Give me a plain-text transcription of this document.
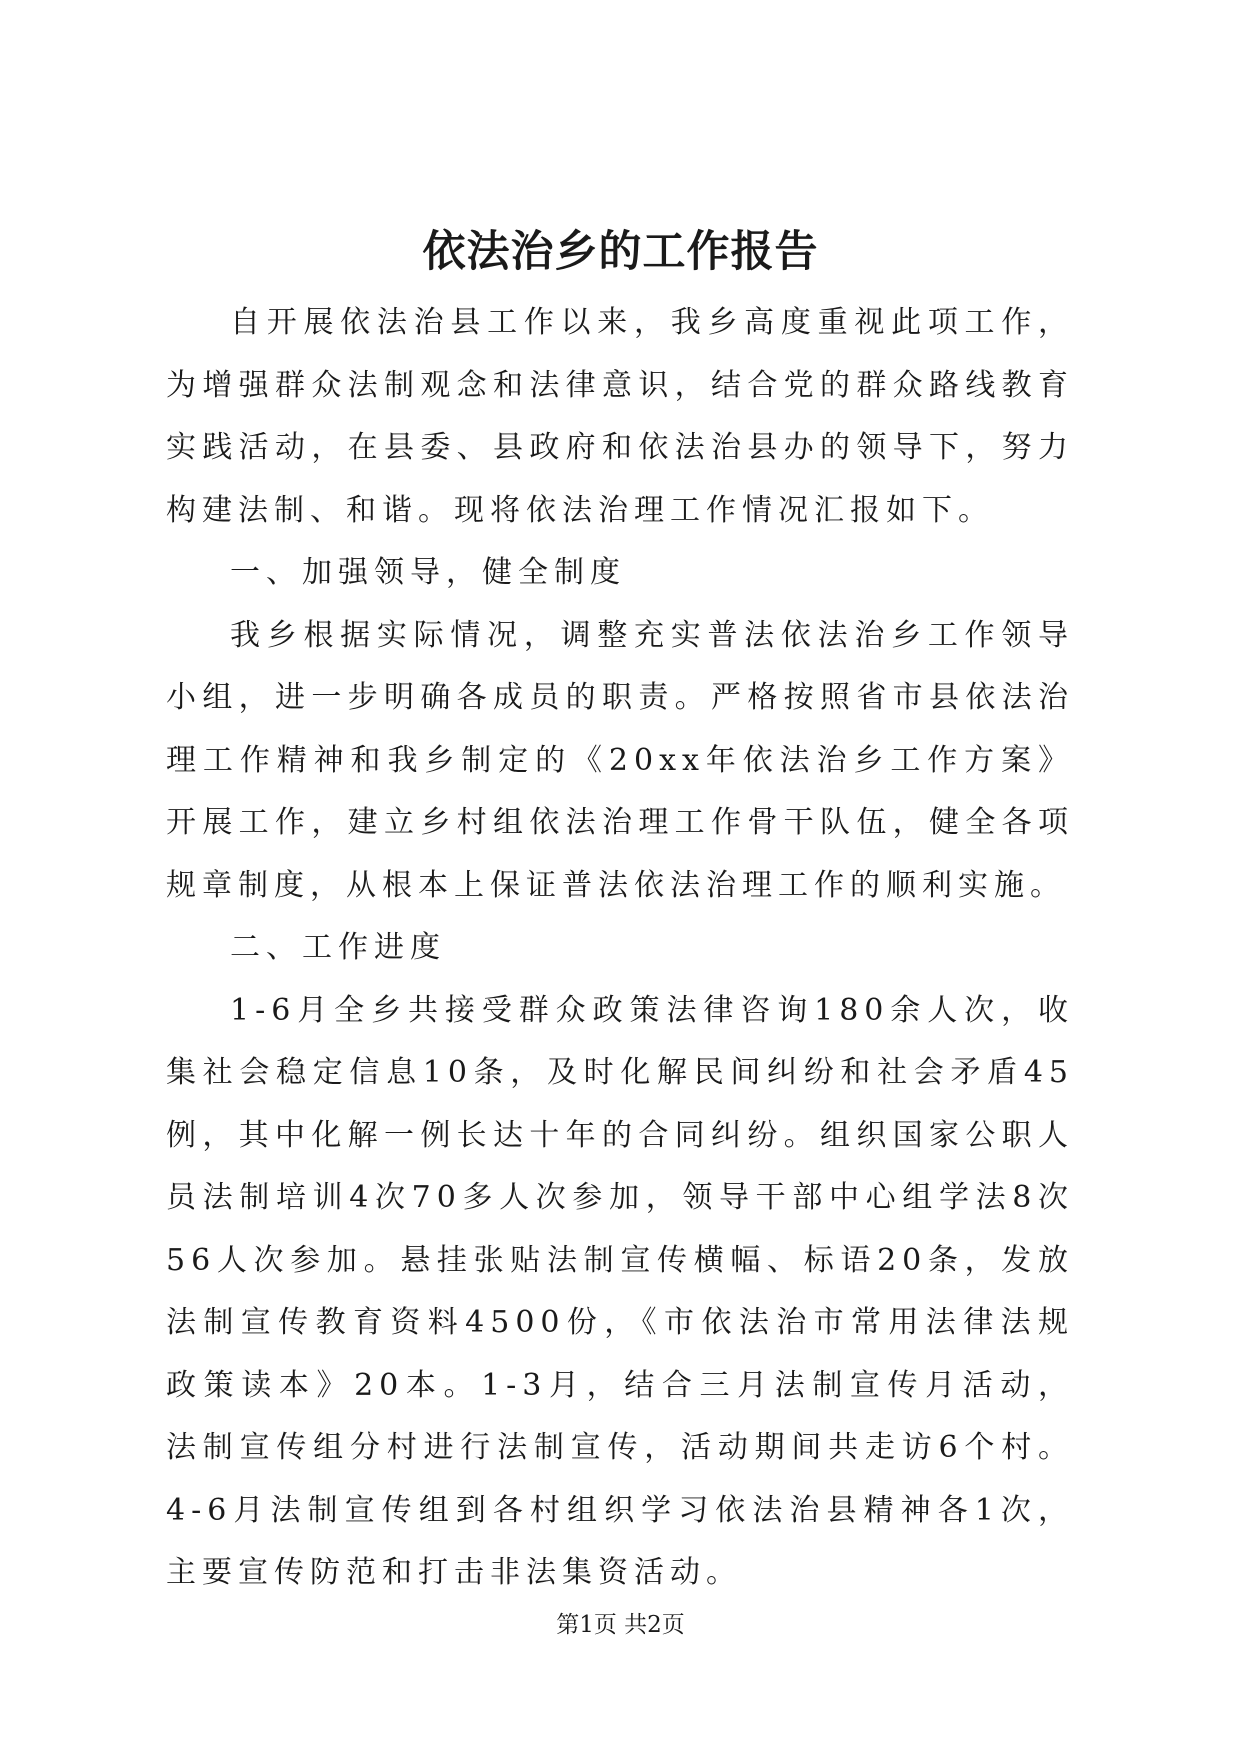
依法治乡的工作报告

自开展依法治县工作以来，我乡高度重视此项工作，为增强群众法制观念和法律意识，结合党的群众路线教育实践活动，在县委、县政府和依法治县办的领导下，努力构建法制、和谐。现将依法治理工作情况汇报如下。

一、加强领导，健全制度

我乡根据实际情况，调整充实普法依法治乡工作领导小组，进一步明确各成员的职责。严格按照省市县依法治理工作精神和我乡制定的《20xx年依法治乡工作方案》开展工作，建立乡村组依法治理工作骨干队伍，健全各项规章制度，从根本上保证普法依法治理工作的顺利实施。

二、工作进度

1-6月全乡共接受群众政策法律咨询180余人次，收集社会稳定信息10条，及时化解民间纠纷和社会矛盾45例，其中化解一例长达十年的合同纠纷。组织国家公职人员法制培训4次70多人次参加，领导干部中心组学法8次56人次参加。悬挂张贴法制宣传横幅、标语20条，发放法制宣传教育资料4500份，《市依法治市常用法律法规政策读本》20本。1-3月，结合三月法制宣传月活动，法制宣传组分村进行法制宣传，活动期间共走访6个村。4-6月法制宣传组到各村组织学习依法治县精神各1次，主要宣传防范和打击非法集资活动。

第1页 共2页
